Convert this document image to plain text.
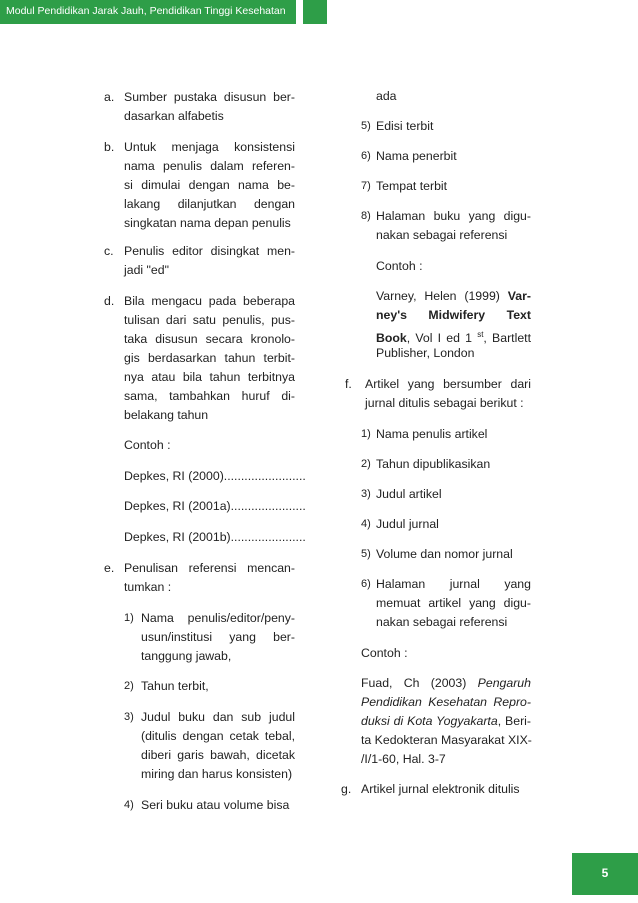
Modul Pendidikan Jarak Jauh, Pendidikan Tinggi Kesehatan
a. Sumber pustaka disusun ber-
dasarkan alfabetis
b. Untuk menjaga konsistensi
nama penulis dalam referen-
si dimulai dengan nama be-
lakang dilanjutkan dengan
singkatan nama depan penulis
c. Penulis editor disingkat men-
jadi "ed"
d. Bila mengacu pada beberapa
tulisan dari satu penulis, pus-
taka disusun secara kronolo-
gis berdasarkan tahun terbit-
nya atau bila tahun terbitnya
sama, tambahkan huruf di-
belakang tahun
Contoh :
Depkes, RI (2000)........................
Depkes, RI (2001a)......................
Depkes, RI (2001b)......................
e. Penulisan referensi mencan-
tumkan :
1) Nama penulis/editor/peny-
usun/institusi yang ber-
tanggung jawab,
2) Tahun terbit,
3) Judul buku dan sub judul
(ditulis dengan cetak tebal,
diberi garis bawah, dicetak
miring dan harus konsisten)
4) Seri buku atau volume bisa
ada
5) Edisi terbit
6) Nama penerbit
7) Tempat terbit
8) Halaman buku yang digu-
nakan sebagai referensi
Contoh :
Varney, Helen (1999) Var-
ney's Midwifery Text
Book, Vol I ed 1 $^{st}$, Bartlett
Publisher, London
f. Artikel yang bersumber dari
jurnal ditulis sebagai berikut :
1) Nama penulis artikel
2) Tahun dipublikasikan
3) Judul artikel
4) Judul jurnal
5) Volume dan nomor jurnal
6) Halaman jurnal yang
memuat artikel yang digu-
nakan sebagai referensi
Contoh :
Fuad, Ch (2003) Pengaruh
Pendidikan Kesehatan Repro-
duksi di Kota Yogyakarta, Beri-
ta Kedokteran Masyarakat XIX-
/I/1-60, Hal. 3-7
g. Artikel jurnal elektronik ditulis
5
